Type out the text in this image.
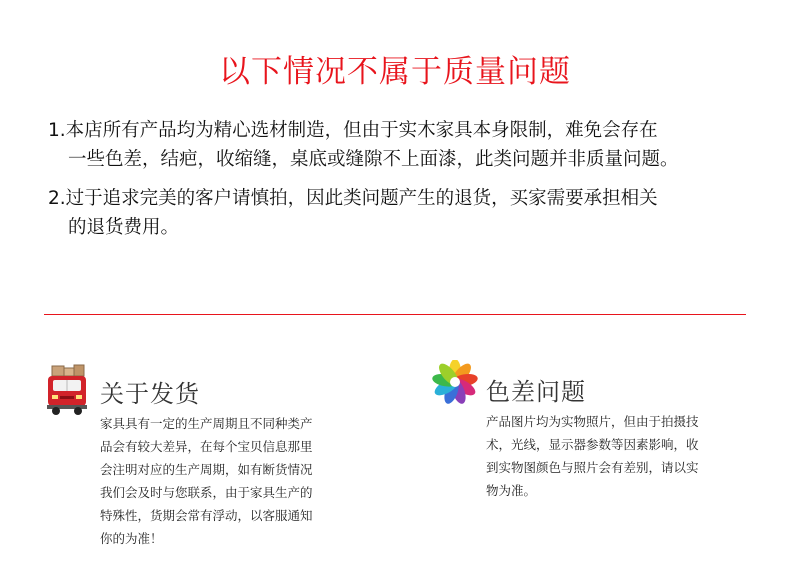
以下情况不属于质量问题

1.本店所有产品均为精心选材制造，但由于实木家具本身限制，难免会存在
一些色差，结疤，收缩缝，桌底或缝隙不上面漆，此类问题并非质量问题。

2.过于追求完美的客户请慎拍，因此类问题产生的退货，买家需要承担相关
的退货费用。

关于发货
家具具有一定的生产周期且不同种类产
品会有较大差异，在每个宝贝信息那里
会注明对应的生产周期，如有断货情况
我们会及时与您联系，由于家具生产的
特殊性，货期会常有浮动，以客服通知
你的为准！
色差问题
产品图片均为实物照片，但由于拍摄技
术，光线，显示器参数等因素影响，收
到实物图颜色与照片会有差别，请以实
物为准。
